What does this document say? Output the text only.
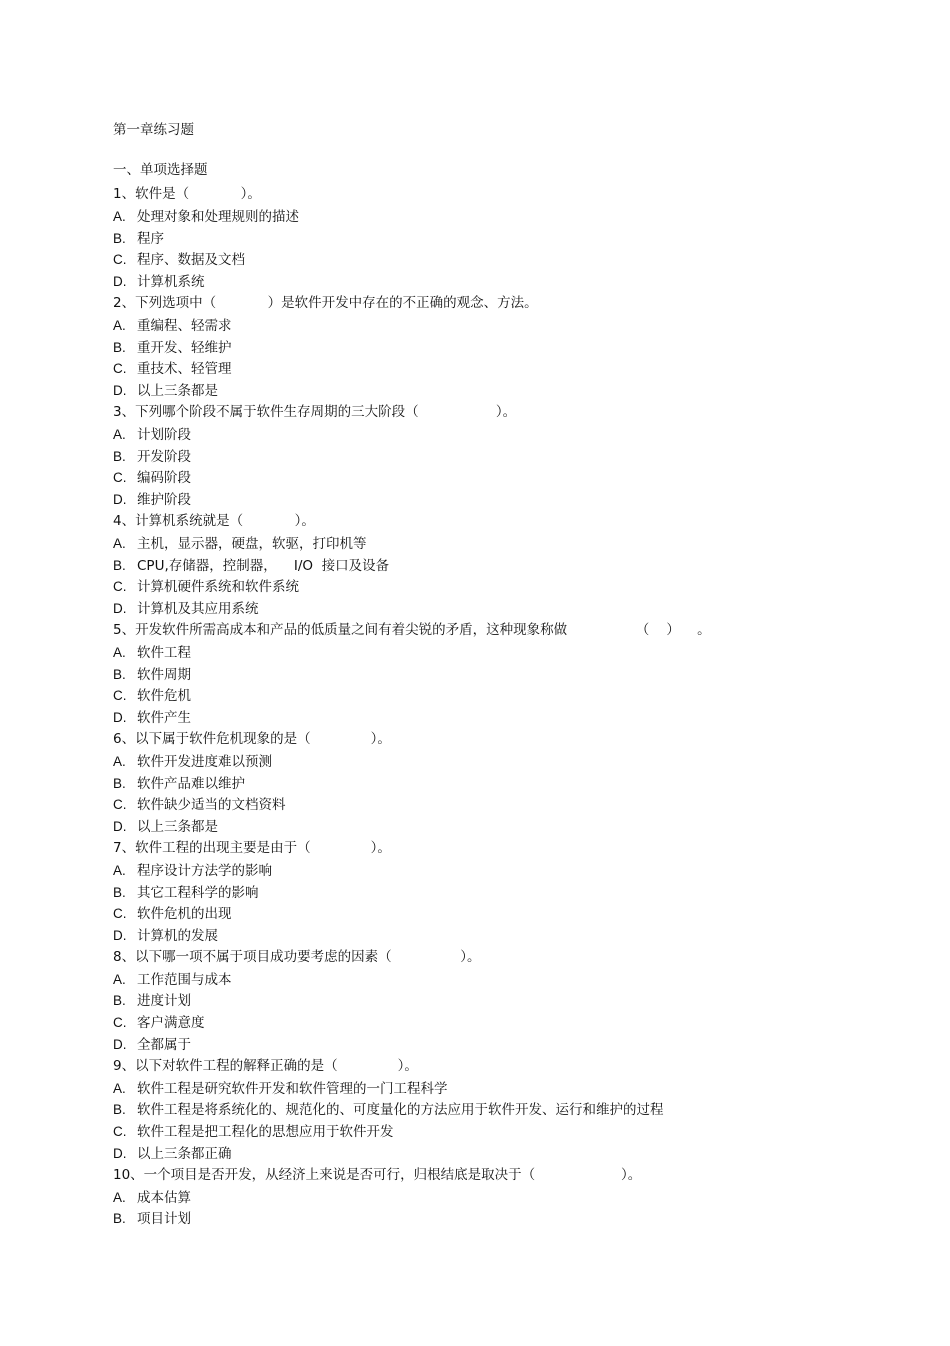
第一章练习题
一、单项选择题
1、软件是（            ）。
A. 处理对象和处理规则的描述
B. 程序
C. 程序、数据及文档
D. 计算机系统
2、下列选项中（            ）是软件开发中存在的不正确的观念、方法。
A. 重编程、轻需求
B. 重开发、轻维护
C. 重技术、轻管理
D. 以上三条都是
3、下列哪个阶段不属于软件生存周期的三大阶段（                  ）。
A. 计划阶段
B. 开发阶段
C. 编码阶段
D. 维护阶段
4、计算机系统就是（            ）。
A. 主机，显示器，硬盘，软驱，打印机等
B. CPU,存储器，控制器，    I/O  接口及设备
C. 计算机硬件系统和软件系统
D. 计算机及其应用系统
5、开发软件所需高成本和产品的低质量之间有着尖锐的矛盾，这种现象称做                （    ）    。
A. 软件工程
B. 软件周期
C. 软件危机
D. 软件产生
6、以下属于软件危机现象的是（              ）。
A. 软件开发进度难以预测
B. 软件产品难以维护
C. 软件缺少适当的文档资料
D. 以上三条都是
7、软件工程的出现主要是由于（              ）。
A. 程序设计方法学的影响
B. 其它工程科学的影响
C. 软件危机的出现
D. 计算机的发展
8、以下哪一项不属于项目成功要考虑的因素（                ）。
A. 工作范围与成本
B. 进度计划
C. 客户满意度
D. 全都属于
9、以下对软件工程的解释正确的是（              ）。
A. 软件工程是研究软件开发和软件管理的一门工程科学
B. 软件工程是将系统化的、规范化的、可度量化的方法应用于软件开发、运行和维护的过程
C. 软件工程是把工程化的思想应用于软件开发
D. 以上三条都正确
10、一个项目是否开发，从经济上来说是否可行，归根结底是取决于（                    ）。
A. 成本估算
B. 项目计划
